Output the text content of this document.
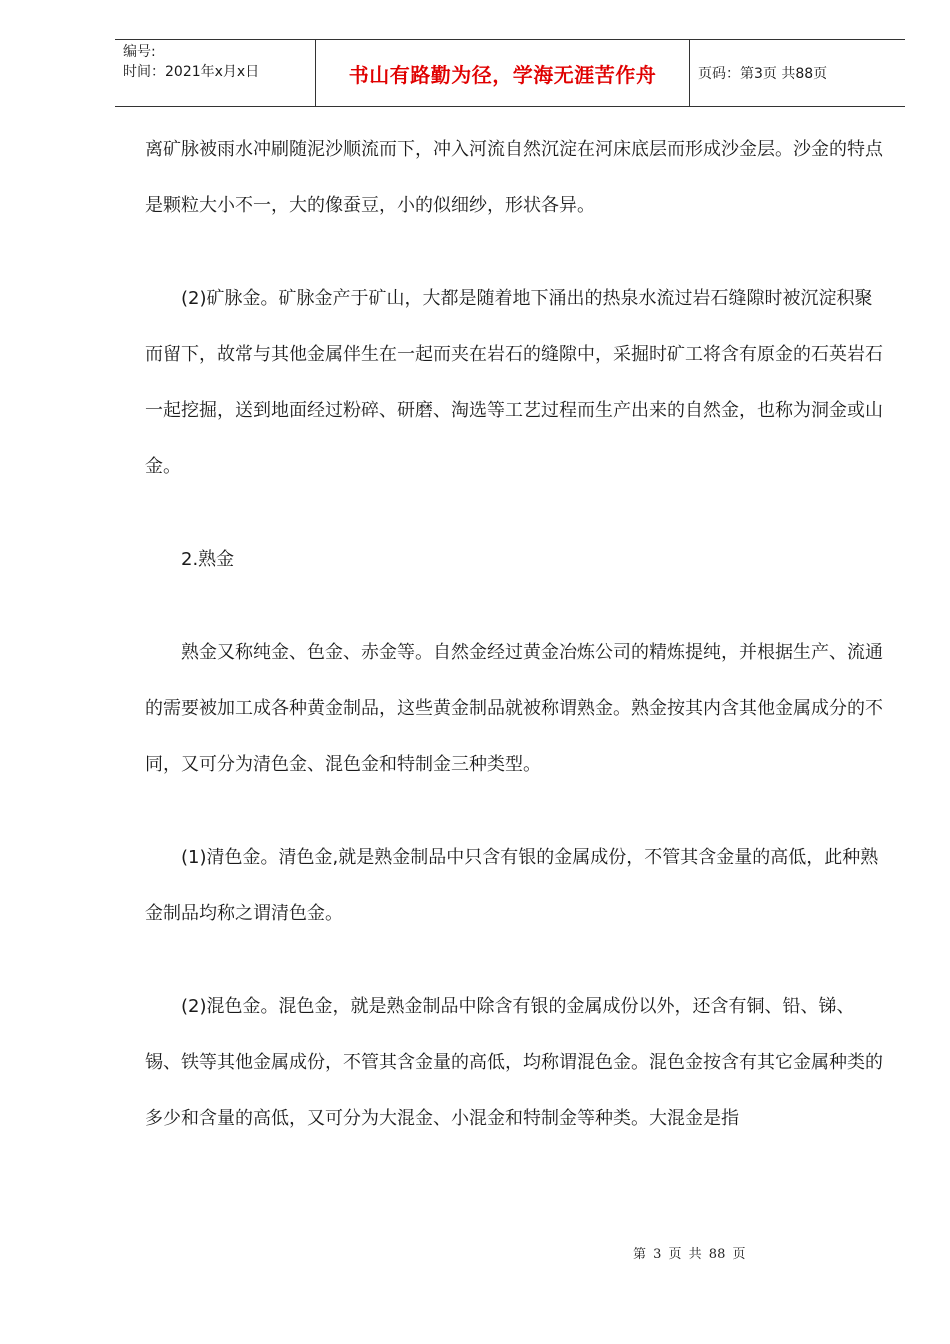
编号:
时间：2021年x月x日	书山有路勤为径，学海无涯苦作舟	页码：第3页 共88页

离矿脉被雨水冲刷随泥沙顺流而下，冲入河流自然沉淀在河床底层而形成沙金层。沙金的特点是颗粒大小不一，大的像蚕豆，小的似细纱，形状各异。

(2)矿脉金。矿脉金产于矿山，大都是随着地下涌出的热泉水流过岩石缝隙时被沉淀积聚而留下，故常与其他金属伴生在一起而夹在岩石的缝隙中，采掘时矿工将含有原金的石英岩石一起挖掘，送到地面经过粉碎、研磨、淘选等工艺过程而生产出来的自然金，也称为洞金或山金。

2.熟金

熟金又称纯金、色金、赤金等。自然金经过黄金冶炼公司的精炼提纯，并根据生产、流通的需要被加工成各种黄金制品，这些黄金制品就被称谓熟金。熟金按其内含其他金属成分的不同，又可分为清色金、混色金和特制金三种类型。

(1)清色金。清色金,就是熟金制品中只含有银的金属成份，不管其含金量的高低，此种熟金制品均称之谓清色金。

(2)混色金。混色金，就是熟金制品中除含有银的金属成份以外，还含有铜、铅、锑、锡、铁等其他金属成份，不管其含金量的高低，均称谓混色金。混色金按含有其它金属种类的多少和含量的高低，又可分为大混金、小混金和特制金等种类。大混金是指

第 3 页 共 88 页
